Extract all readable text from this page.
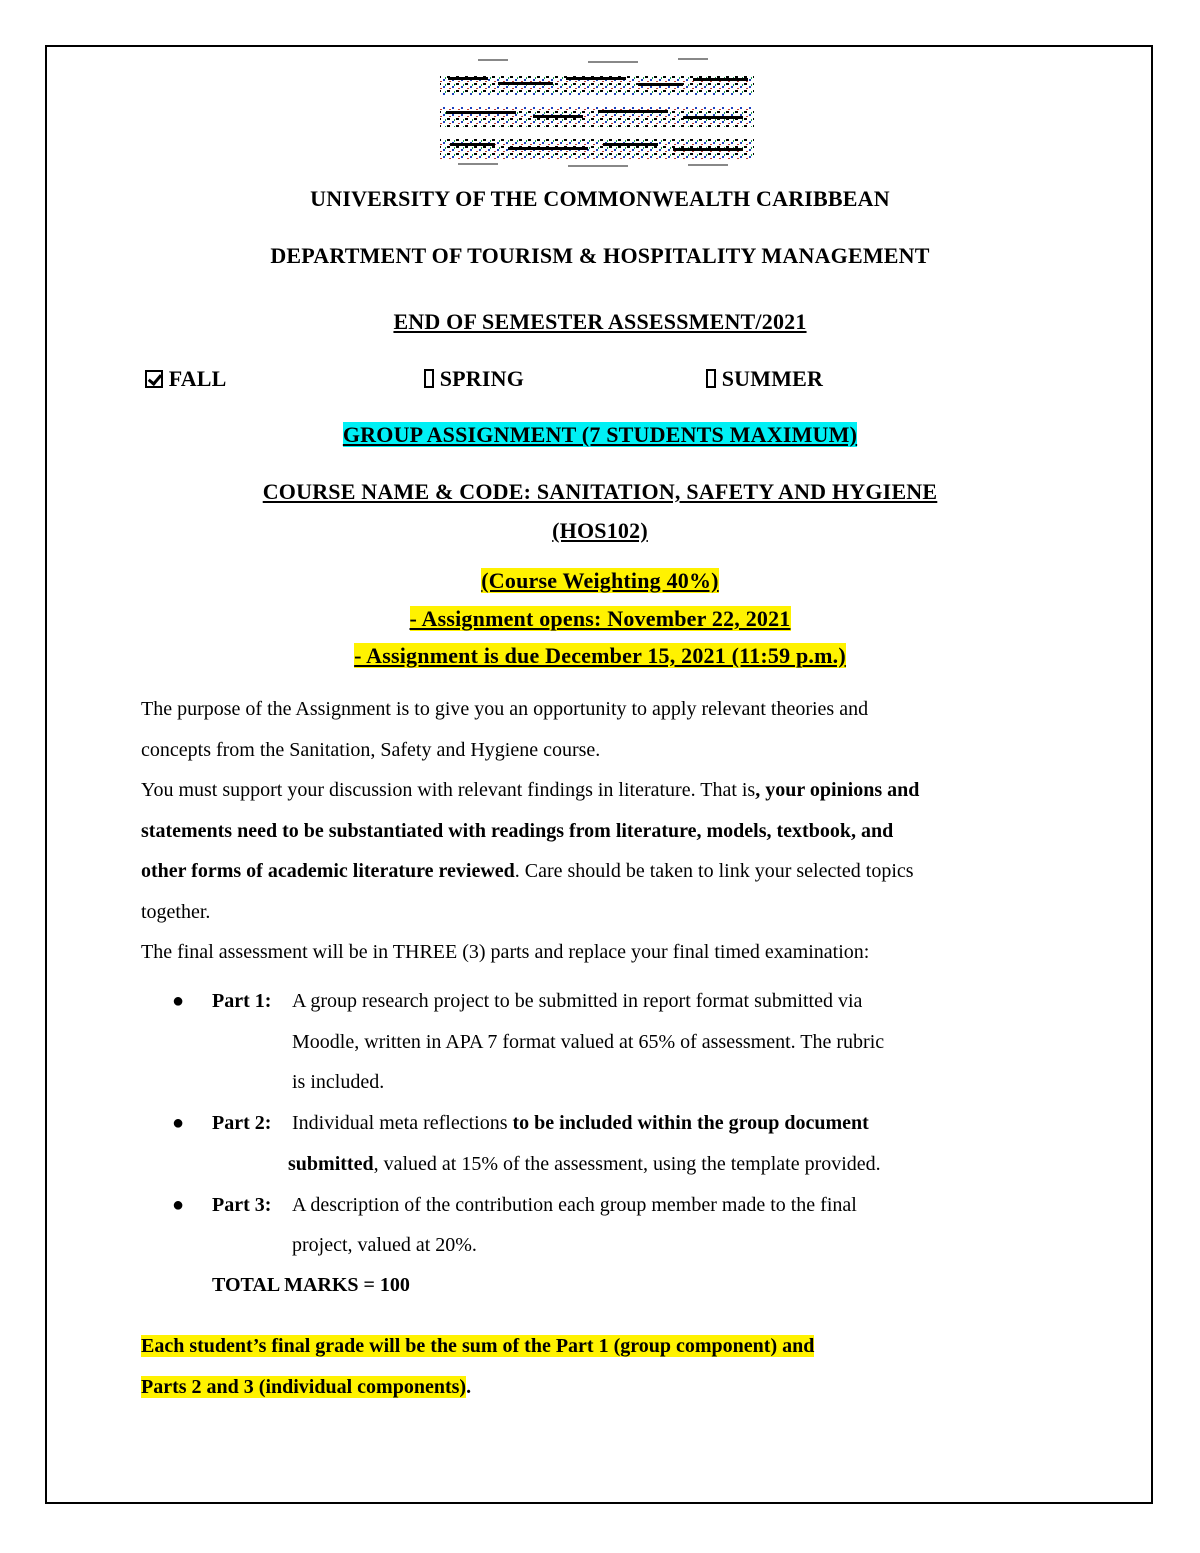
UNIVERSITY OF THE COMMONWEALTH CARIBBEAN
DEPARTMENT OF TOURISM & HOSPITALITY MANAGEMENT
END OF SEMESTER ASSESSMENT/2021
FALL	SPRING	SUMMER
GROUP ASSIGNMENT (7 STUDENTS MAXIMUM)
COURSE NAME & CODE: SANITATION, SAFETY AND HYGIENE
(HOS102)
(Course Weighting 40%)
- Assignment opens: November 22, 2021
- Assignment is due December 15, 2021 (11:59 p.m.)
The purpose of the Assignment is to give you an opportunity to apply relevant theories and
concepts from the Sanitation, Safety and Hygiene course.
You must support your discussion with relevant findings in literature. That is, your opinions and
statements need to be substantiated with readings from literature, models, textbook, and
other forms of academic literature reviewed. Care should be taken to link your selected topics
together.
The final assessment will be in THREE (3) parts and replace your final timed examination:
● Part 1: A group research project to be submitted in report format submitted via
Moodle, written in APA 7 format valued at 65% of assessment. The rubric
is included.
● Part 2: Individual meta reflections to be included within the group document
submitted, valued at 15% of the assessment, using the template provided.
● Part 3: A description of the contribution each group member made to the final
project, valued at 20%.
TOTAL MARKS = 100
Each student’s final grade will be the sum of the Part 1 (group component) and
Parts 2 and 3 (individual components).
